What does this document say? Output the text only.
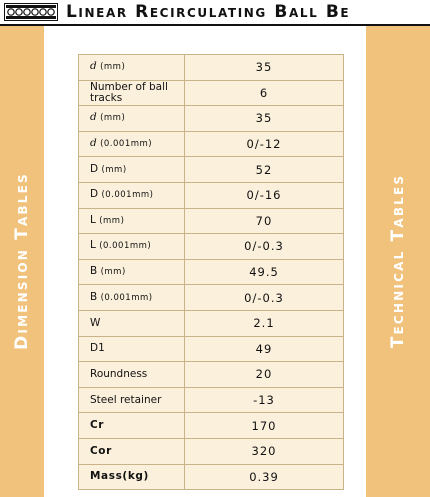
Linear Recirculating Ball Be
Dimension Tables	Technical Tables
d (mm)	35
Number of ball tracks	6
d (mm)	35
d (0.001mm)	0/-12
D (mm)	52
D (0.001mm)	0/-16
L (mm)	70
L (0.001mm)	0/-0.3
B (mm)	49.5
B (0.001mm)	0/-0.3
W	2.1
D1	49
Roundness	20
Steel retainer	-13
Cr	170
Cor	320
Mass(kg)	0.39
